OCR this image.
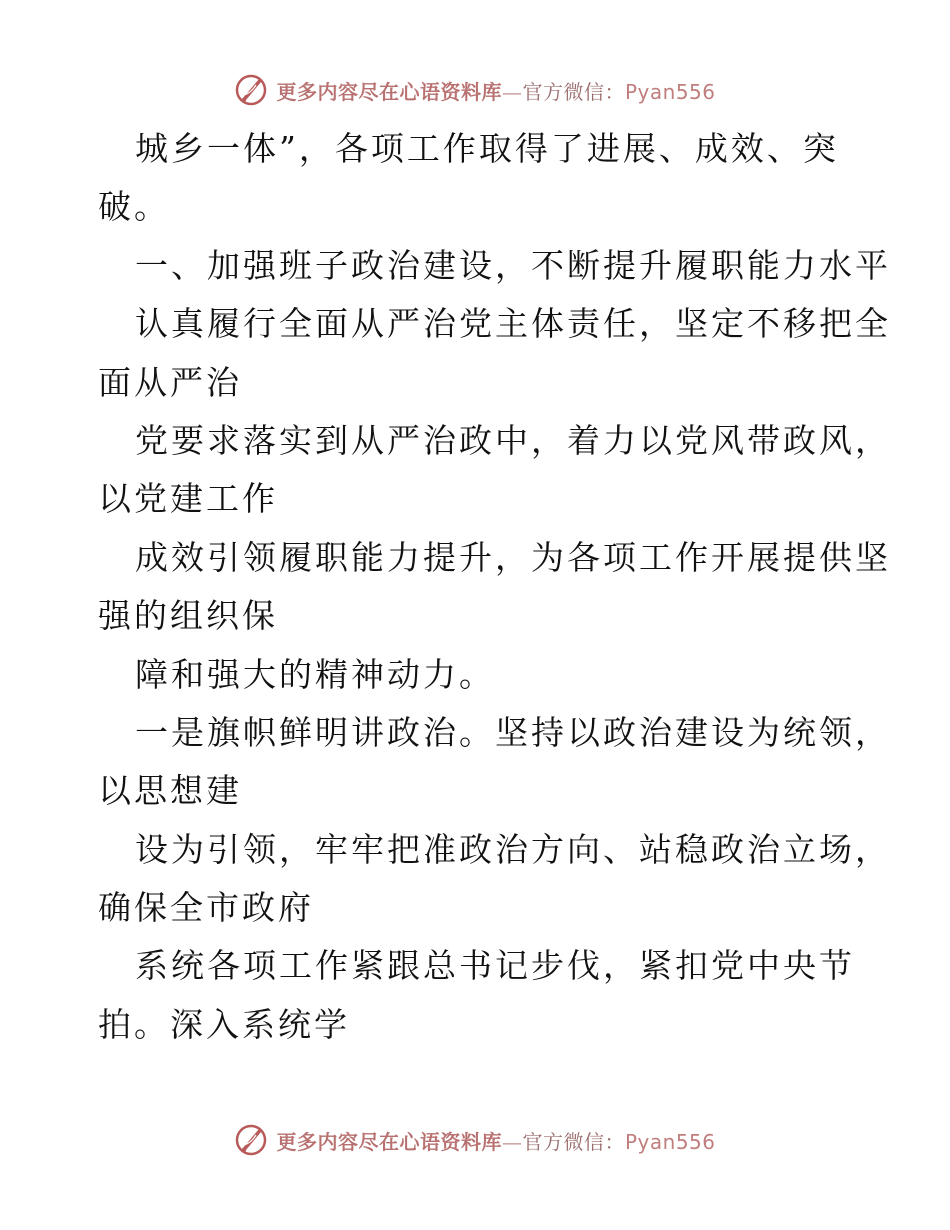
更多内容尽在心语资料库—官方微信：Pyan556
城乡一体”，各项工作取得了进展、成效、突
破。
一、加强班子政治建设，不断提升履职能力水平
认真履行全面从严治党主体责任，坚定不移把全
面从严治
党要求落实到从严治政中，着力以党风带政风，
以党建工作
成效引领履职能力提升，为各项工作开展提供坚
强的组织保
障和强大的精神动力。
一是旗帜鲜明讲政治。坚持以政治建设为统领，
以思想建
设为引领，牢牢把准政治方向、站稳政治立场，
确保全市政府
系统各项工作紧跟总书记步伐，紧扣党中央节
拍。深入系统学
更多内容尽在心语资料库—官方微信：Pyan556
